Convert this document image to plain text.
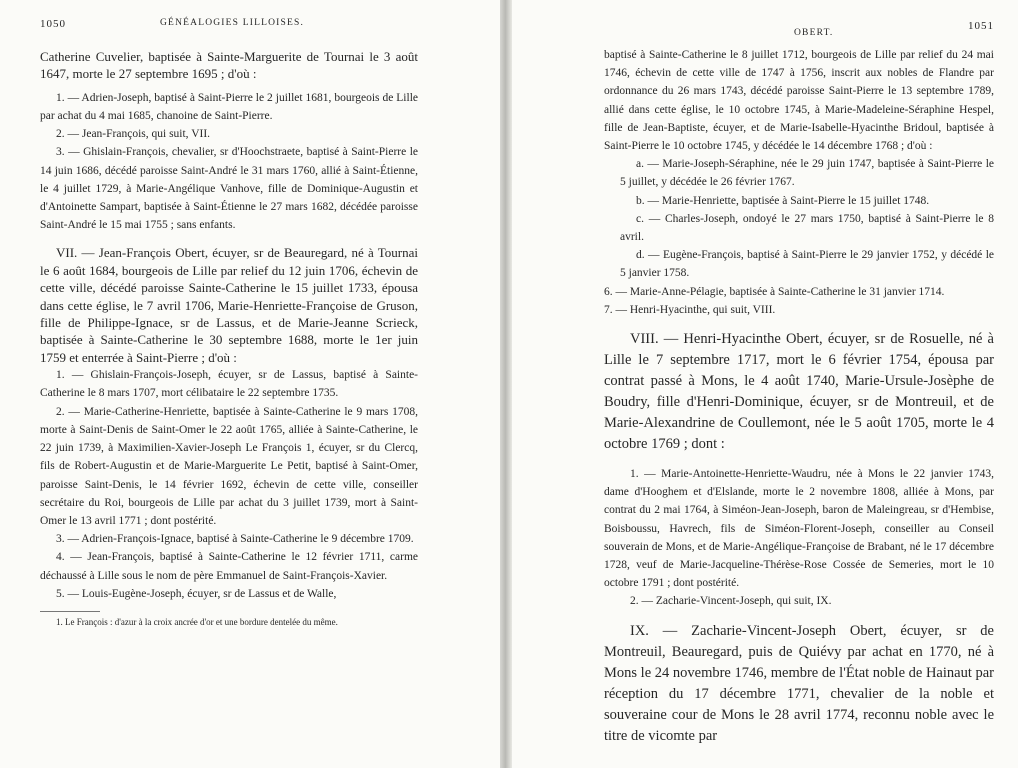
1050	GÉNÉALOGIES LILLOISES.

Catherine Cuvelier, baptisée à Sainte-Marguerite de Tournai le 3 août 1647, morte le 27 septembre 1695 ; d'où :

1. — Adrien-Joseph, baptisé à Saint-Pierre le 2 juillet 1681, bourgeois de Lille par achat du 4 mai 1685, chanoine de Saint-Pierre.

2. — Jean-François, qui suit, VII.

3. — Ghislain-François, chevalier, sr d'Hoochstraete, baptisé à Saint-Pierre le 14 juin 1686, décédé paroisse Saint-André le 31 mars 1760, allié à Saint-Étienne, le 4 juillet 1729, à Marie-Angélique Vanhove, fille de Dominique-Augustin et d'Antoinette Sampart, baptisée à Saint-Étienne le 27 mars 1682, décédée paroisse Saint-André le 15 mai 1755 ; sans enfants.

VII. — Jean-François Obert, écuyer, sr de Beauregard, né à Tournai le 6 août 1684, bourgeois de Lille par relief du 12 juin 1706, échevin de cette ville, décédé paroisse Sainte-Catherine le 15 juillet 1733, épousa dans cette église, le 7 avril 1706, Marie-Henriette-Françoise de Gruson, fille de Philippe-Ignace, sr de Lassus, et de Marie-Jeanne Scrieck, baptisée à Sainte-Catherine le 30 septembre 1688, morte le 1er juin 1759 et enterrée à Saint-Pierre ; d'où :

1. — Ghislain-François-Joseph, écuyer, sr de Lassus, baptisé à Sainte-Catherine le 8 mars 1707, mort célibataire le 22 septembre 1735.

2. — Marie-Catherine-Henriette, baptisée à Sainte-Catherine le 9 mars 1708, morte à Saint-Denis de Saint-Omer le 22 août 1765, alliée à Sainte-Catherine, le 22 juin 1739, à Maximilien-Xavier-Joseph Le François 1, écuyer, sr du Clercq, fils de Robert-Augustin et de Marie-Marguerite Le Petit, baptisé à Saint-Omer, paroisse Saint-Denis, le 14 février 1692, échevin de cette ville, conseiller secrétaire du Roi, bourgeois de Lille par achat du 3 juillet 1739, mort à Saint-Omer le 13 avril 1771 ; dont postérité.

3. — Adrien-François-Ignace, baptisé à Sainte-Catherine le 9 décembre 1709.

4. — Jean-François, baptisé à Sainte-Catherine le 12 février 1711, carme déchaussé à Lille sous le nom de père Emmanuel de Saint-François-Xavier.

5. — Louis-Eugène-Joseph, écuyer, sr de Lassus et de Walle,

1. Le François : d'azur à la croix ancrée d'or et une bordure dentelée du même.

OBERT.
1051

baptisé à Sainte-Catherine le 8 juillet 1712, bourgeois de Lille par relief du 24 mai 1746, échevin de cette ville de 1747 à 1756, inscrit aux nobles de Flandre par ordonnance du 26 mars 1743, décédé paroisse Saint-Pierre le 13 septembre 1789, allié dans cette église, le 10 octobre 1745, à Marie-Madeleine-Séraphine Hespel, fille de Jean-Baptiste, écuyer, et de Marie-Isabelle-Hyacinthe Bridoul, baptisée à Saint-Pierre le 10 octobre 1745, y décédée le 14 décembre 1768 ; d'où :

a. — Marie-Joseph-Séraphine, née le 29 juin 1747, baptisée à Saint-Pierre le 5 juillet, y décédée le 26 février 1767.

b. — Marie-Henriette, baptisée à Saint-Pierre le 15 juillet 1748.

c. — Charles-Joseph, ondoyé le 27 mars 1750, baptisé à Saint-Pierre le 8 avril.

d. — Eugène-François, baptisé à Saint-Pierre le 29 janvier 1752, y décédé le 5 janvier 1758.

6. — Marie-Anne-Pélagie, baptisée à Sainte-Catherine le 31 janvier 1714.

7. — Henri-Hyacinthe, qui suit, VIII.

VIII. — Henri-Hyacinthe Obert, écuyer, sr de Rosuelle, né à Lille le 7 septembre 1717, mort le 6 février 1754, épousa par contrat passé à Mons, le 4 août 1740, Marie-Ursule-Josèphe de Boudry, fille d'Henri-Dominique, écuyer, sr de Montreuil, et de Marie-Alexandrine de Coullemont, née le 5 août 1705, morte le 4 octobre 1769 ; dont :

1. — Marie-Antoinette-Henriette-Waudru, née à Mons le 22 janvier 1743, dame d'Hooghem et d'Elslande, morte le 2 novembre 1808, alliée à Mons, par contrat du 2 mai 1764, à Siméon-Jean-Joseph, baron de Maleingreau, sr d'Hembise, Boisboussu, Havrech, fils de Siméon-Florent-Joseph, conseiller au Conseil souverain de Mons, et de Marie-Angélique-Françoise de Brabant, né le 17 décembre 1728, veuf de Marie-Jacqueline-Thérèse-Rose Cossée de Semeries, mort le 10 octobre 1791 ; dont postérité.

2. — Zacharie-Vincent-Joseph, qui suit, IX.

IX. — Zacharie-Vincent-Joseph Obert, écuyer, sr de Montreuil, Beauregard, puis de Quiévy par achat en 1770, né à Mons le 24 novembre 1746, membre de l'État noble de Hainaut par réception du 17 décembre 1771, chevalier de la noble et souveraine cour de Mons le 28 avril 1774, reconnu noble avec le titre de vicomte par
